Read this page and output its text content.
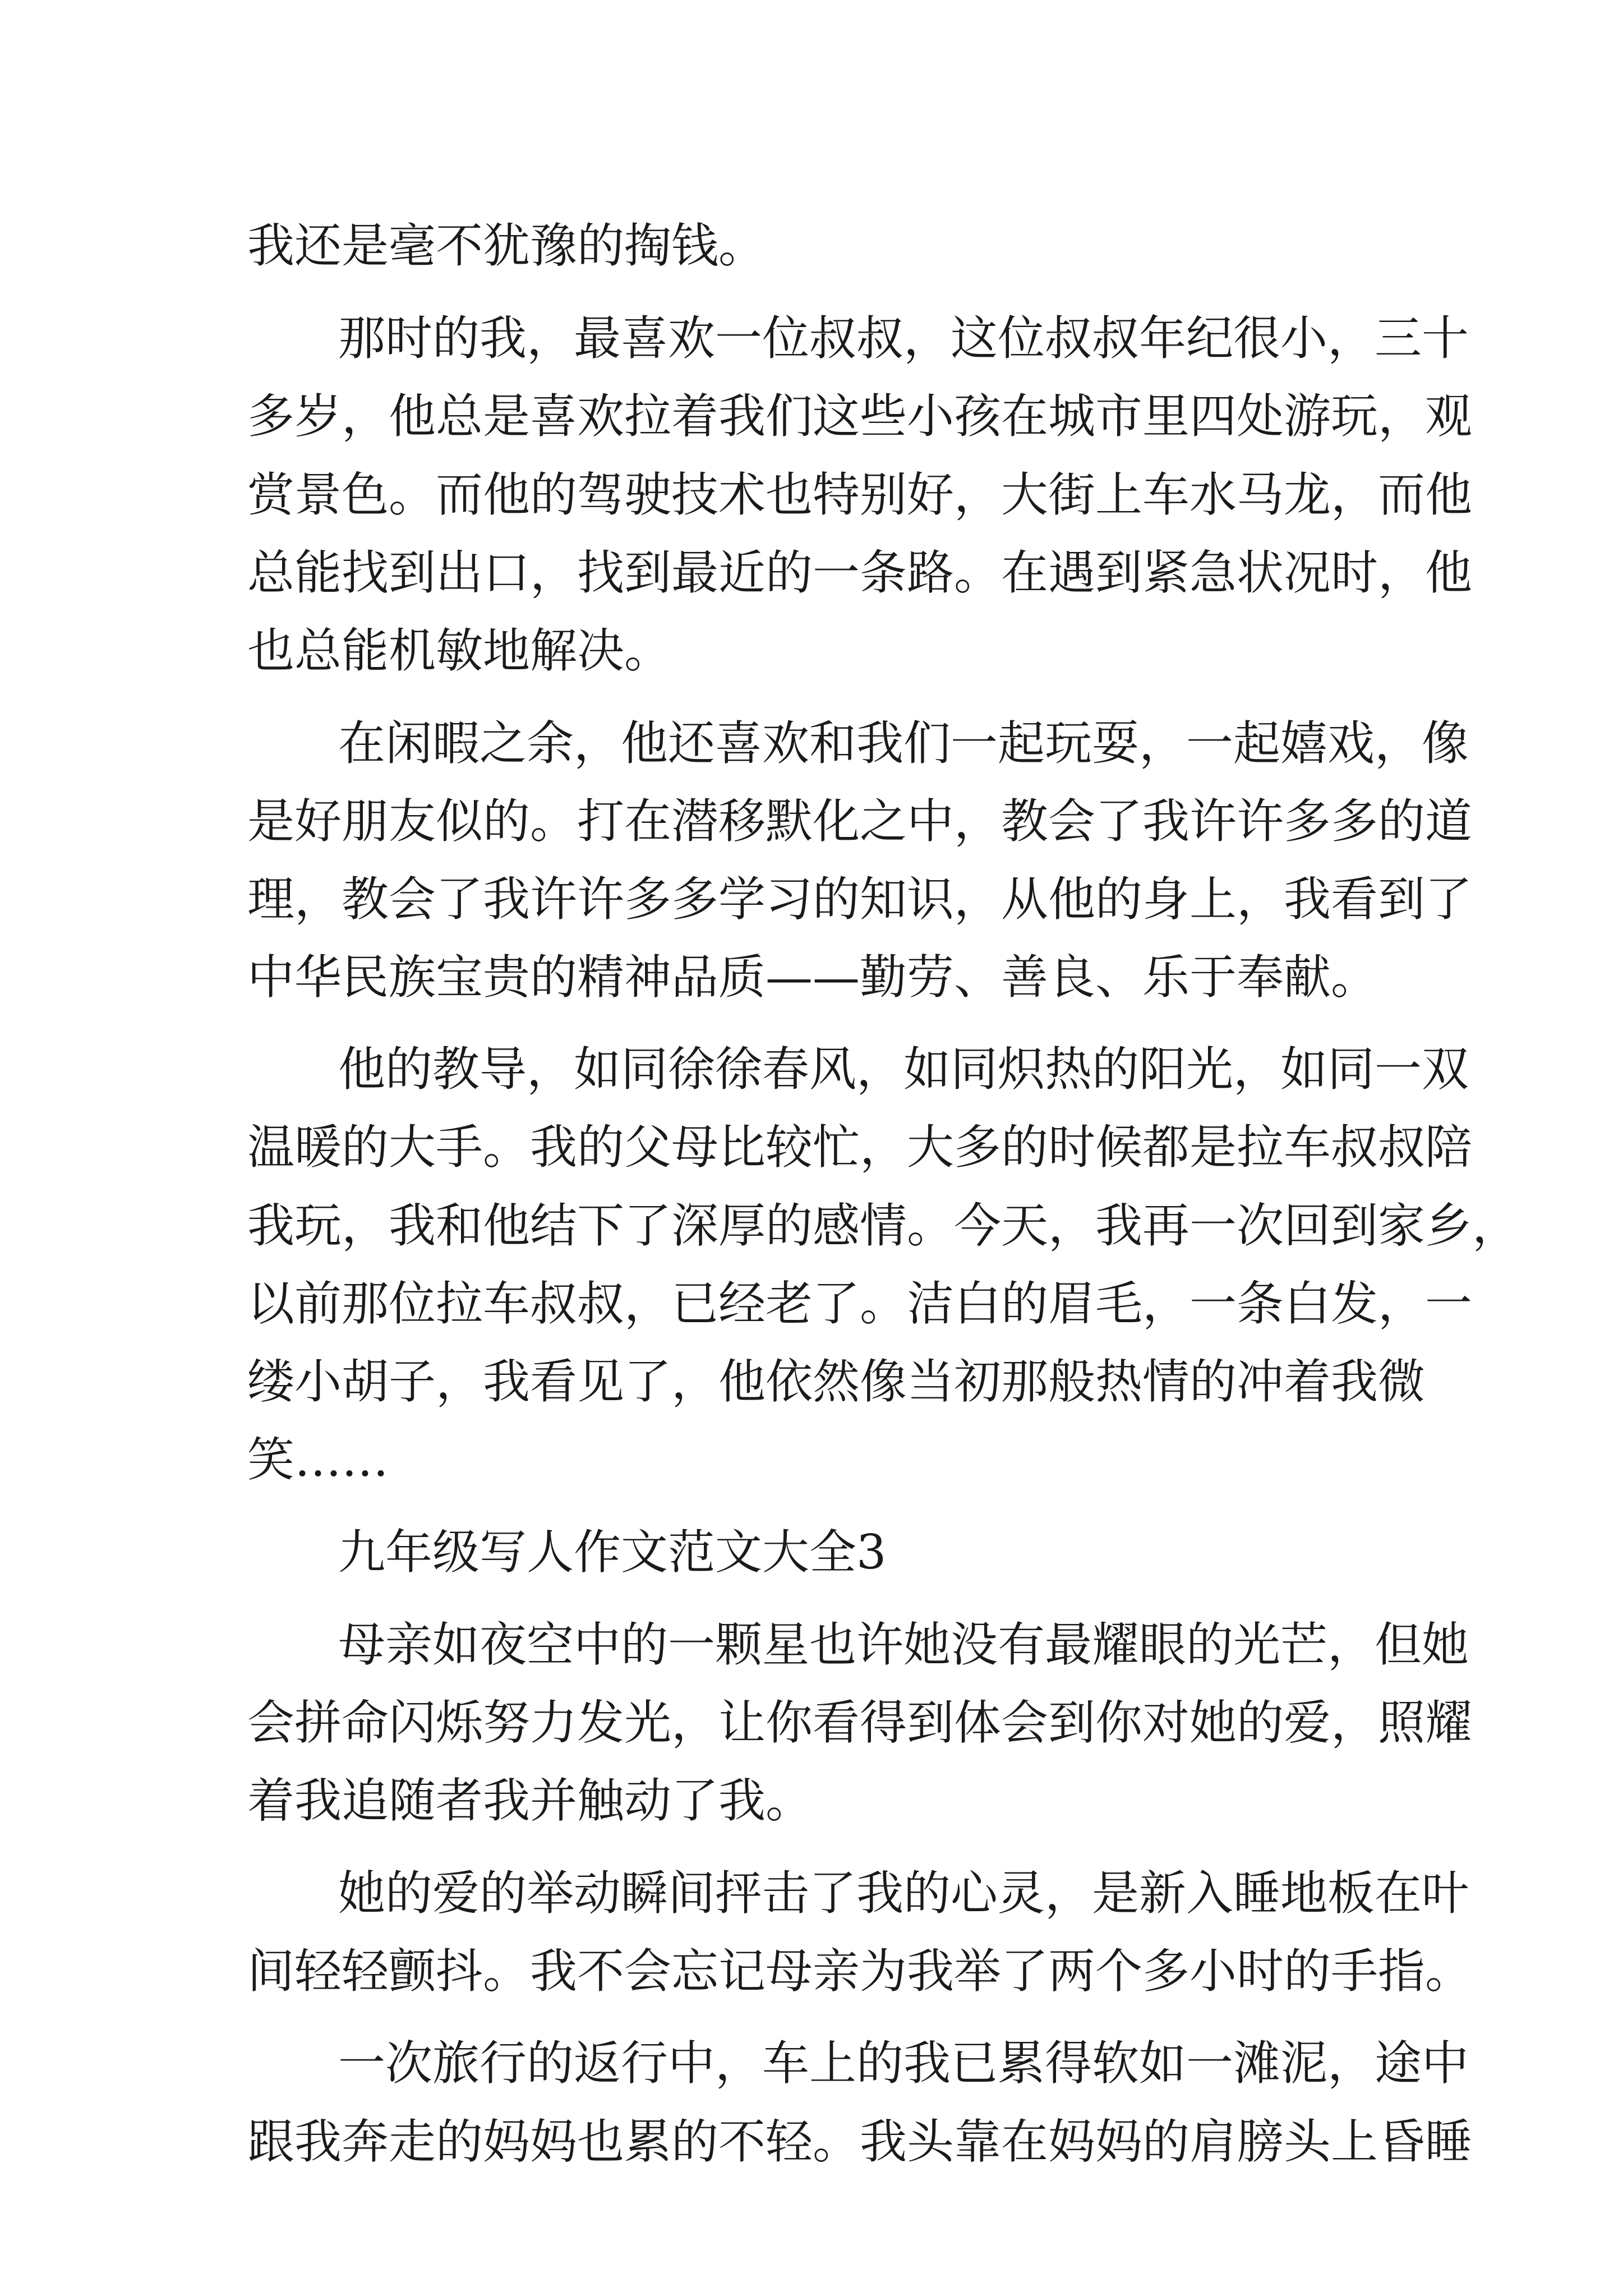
我还是毫不犹豫的掏钱。
那时的我，最喜欢一位叔叔，这位叔叔年纪很小，三十
多岁，他总是喜欢拉着我们这些小孩在城市里四处游玩，观
赏景色。而他的驾驶技术也特别好，大街上车水马龙，而他
总能找到出口，找到最近的一条路。在遇到紧急状况时，他
也总能机敏地解决。
在闲暇之余，他还喜欢和我们一起玩耍，一起嬉戏，像
是好朋友似的。打在潜移默化之中，教会了我许许多多的道
理，教会了我许许多多学习的知识，从他的身上，我看到了
中华民族宝贵的精神品质——勤劳、善良、乐于奉献。
他的教导，如同徐徐春风，如同炽热的阳光，如同一双
温暖的大手。我的父母比较忙，大多的时候都是拉车叔叔陪
我玩，我和他结下了深厚的感情。今天，我再一次回到家乡，
以前那位拉车叔叔，已经老了。洁白的眉毛，一条白发，一
缕小胡子，我看见了，他依然像当初那般热情的冲着我微
笑……
九年级写人作文范文大全3
母亲如夜空中的一颗星也许她没有最耀眼的光芒，但她
会拼命闪烁努力发光，让你看得到体会到你对她的爱，照耀
着我追随者我并触动了我。
她的爱的举动瞬间抨击了我的心灵，是新入睡地板在叶
间轻轻颤抖。我不会忘记母亲为我举了两个多小时的手指。
一次旅行的返行中，车上的我已累得软如一滩泥，途中
跟我奔走的妈妈也累的不轻。我头靠在妈妈的肩膀头上昏睡
